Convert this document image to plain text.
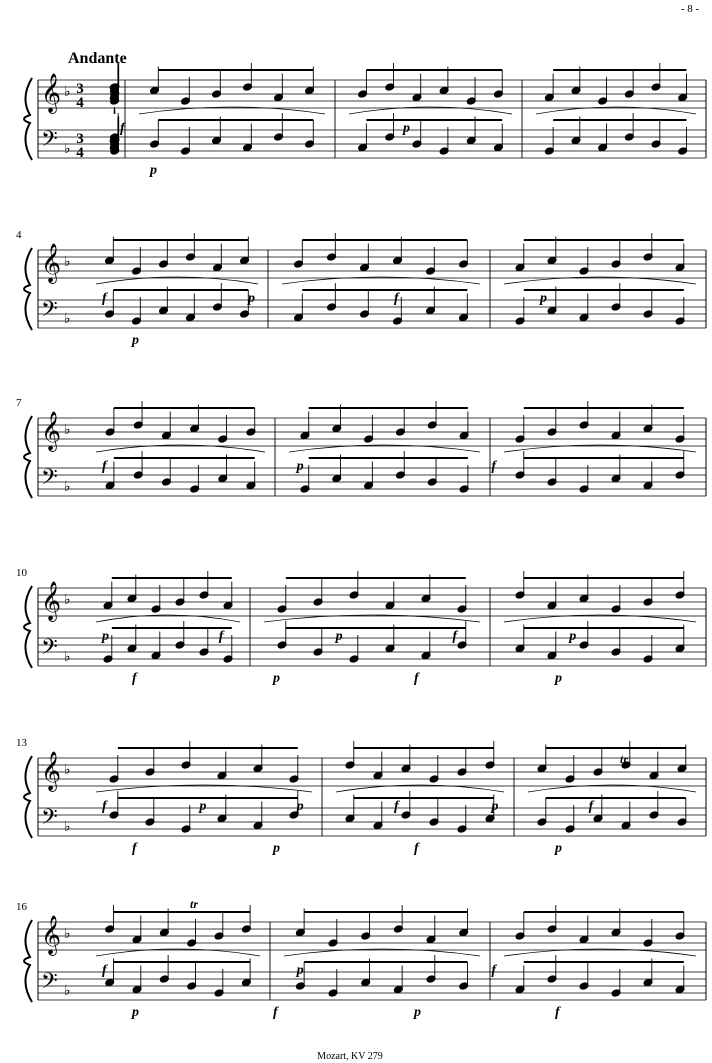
- 8 -
Andante
𝄞
𝄢
♭
♭
3
4
3
4
f	p
p
𝄞
𝄢
♭
♭
4
f	p	f	p
p
𝄞
𝄢
♭
♭
7
f	p	f
𝄞
𝄢
♭
♭
10
p	f	p	f	p
f	p	f	p
𝄞
𝄢
♭
♭
13
f	p	p	f	p	f
f	p	f	p
𝄞
𝄢
♭
♭
16
f	p	f
p	f	p	f
tr
tr
Mozart, KV 279
